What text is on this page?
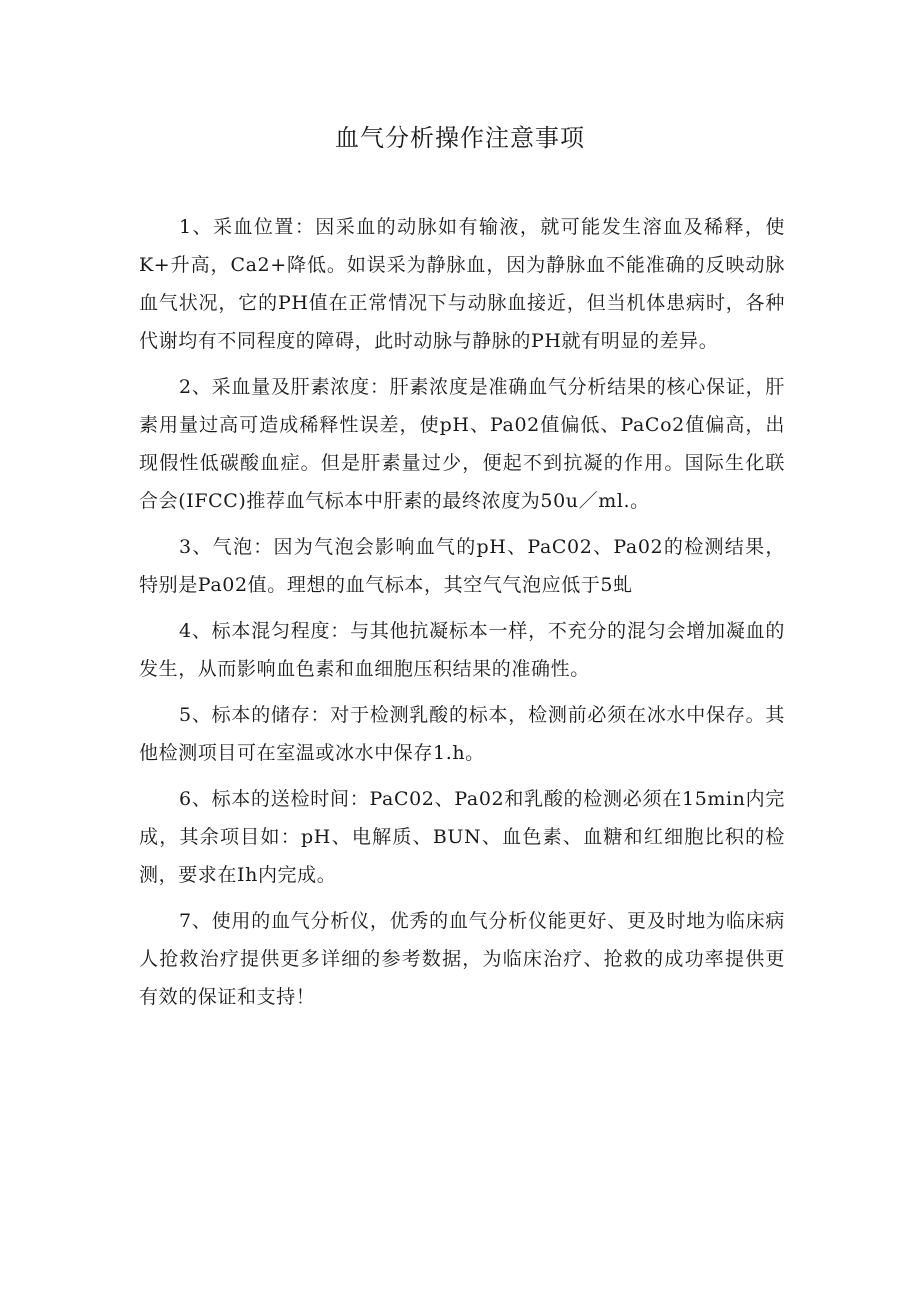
血气分析操作注意事项

1、采血位置：因采血的动脉如有输液，就可能发生溶血及稀释，使K+升高，Ca2+降低。如误采为静脉血，因为静脉血不能准确的反映动脉血气状况，它的PH值在正常情况下与动脉血接近，但当机体患病时，各种代谢均有不同程度的障碍，此时动脉与静脉的PH就有明显的差异。

2、采血量及肝素浓度：肝素浓度是准确血气分析结果的核心保证，肝素用量过高可造成稀释性误差，使pH、Pa02值偏低、PaCo2值偏高，出现假性低碳酸血症。但是肝素量过少，便起不到抗凝的作用。国际生化联合会(IFCC)推荐血气标本中肝素的最终浓度为50u／ml.。

3、气泡：因为气泡会影响血气的pH、PaC02、Pa02的检测结果，特别是Pa02值。理想的血气标本，其空气气泡应低于5虬

4、标本混匀程度：与其他抗凝标本一样，不充分的混匀会增加凝血的发生，从而影响血色素和血细胞压积结果的准确性。

5、标本的储存：对于检测乳酸的标本，检测前必须在冰水中保存。其他检测项目可在室温或冰水中保存1.h。

6、标本的送检时间：PaC02、Pa02和乳酸的检测必须在15min内完成，其余项目如：pH、电解质、BUN、血色素、血糖和红细胞比积的检测，要求在Ih内完成。

7、使用的血气分析仪，优秀的血气分析仪能更好、更及时地为临床病人抢救治疗提供更多详细的参考数据，为临床治疗、抢救的成功率提供更有效的保证和支持！
